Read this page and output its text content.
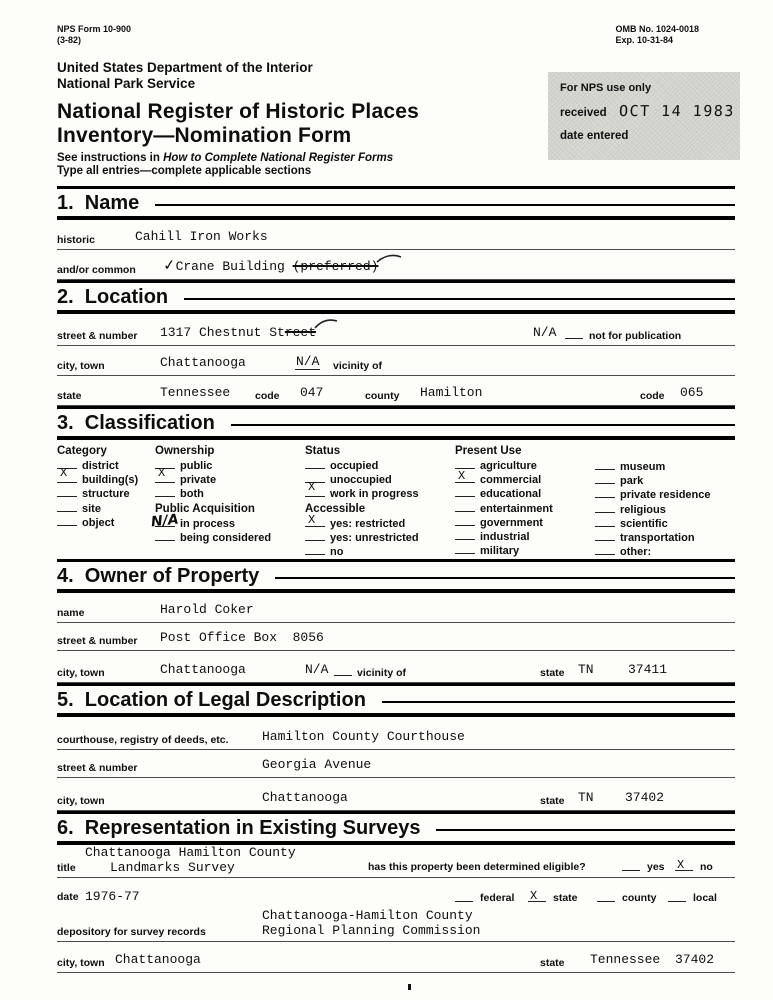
NPS Form 10-900
(3-82)
OMB No. 1024-0018
Exp. 10-31-84
For NPS use only
received OCT 14 1983
date entered
United States Department of the Interior
National Park Service
National Register of Historic Places
Inventory—Nomination Form
See instructions in How to Complete National Register Forms
Type all entries—complete applicable sections
1.  Name
historic	Cahill Iron Works
and/or common ✓Crane Building (preferred)
2.  Location
street & number 1317 Chestnut Street	N/A	not for publication
city, town	Chattanooga	N/A vicinity of
state	Tennessee code 047	county Hamilton	code 065
3.  Classification
Category
district
X building(s)
structure
site
object
Ownership
public
X private
both
Public Acquisition
N/A in process
being considered
Status
occupied
unoccupied
X work in progress
Accessible
X yes: restricted
yes: unrestricted
no
Present Use
agriculture
X commercial
educational
entertainment
government
industrial
military
museum
park
private residence
religious
scientific
transportation
other:
4.  Owner of Property
name	Harold Coker
street & number Post Office Box  8056
city, town	Chattanooga	N/A	vicinity of	state TN	37411
5.  Location of Legal Description
courthouse, registry of deeds, etc.	Hamilton County Courthouse
street & number	Georgia Avenue
city, town	Chattanooga	state TN 37402
6.  Representation in Existing Surveys
title
Chattanooga Hamilton County
Landmarks Survey	has this property been determined eligible?	yes X no
date 1976-77	federal X state	county	local
depository for survey records
Chattanooga-Hamilton County
Regional Planning Commission
city, town Chattanooga	state Tennessee 37402
